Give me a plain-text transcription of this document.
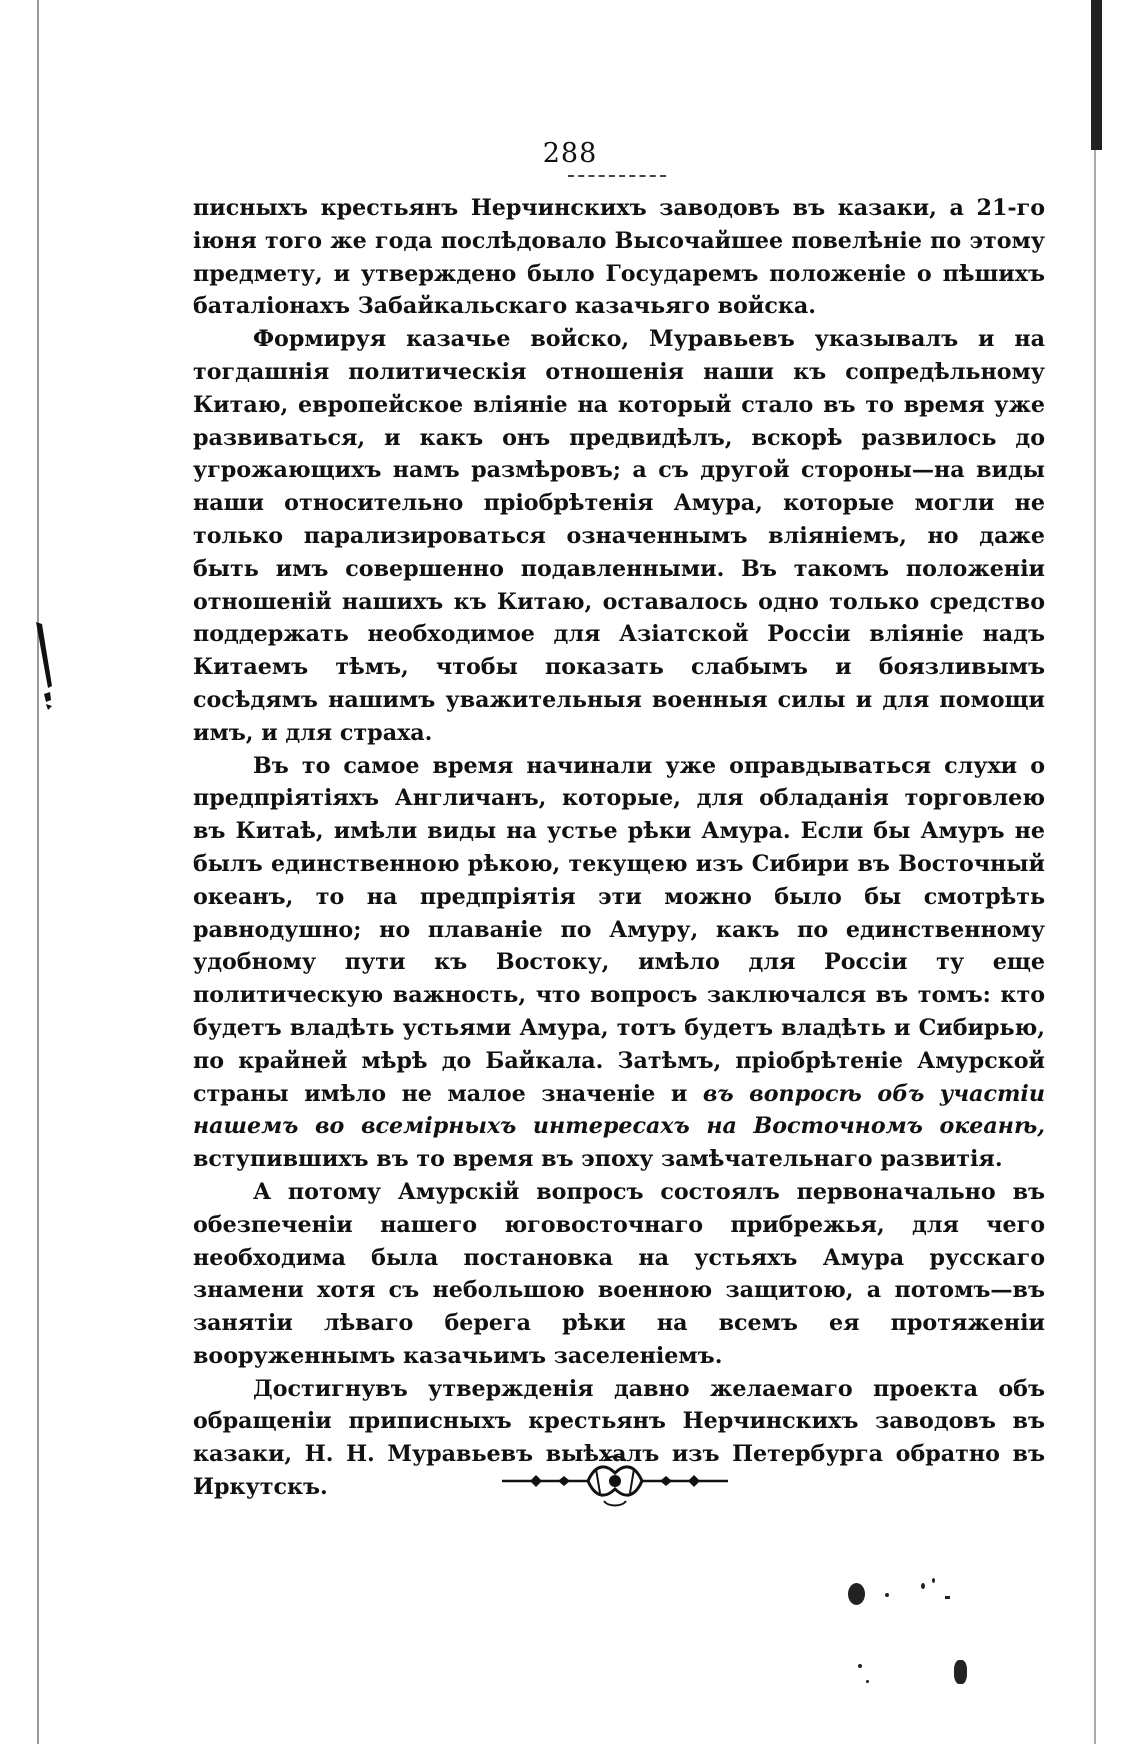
288

писныхъ крестьянъ Нерчинскихъ заводовъ въ казаки, а 21-го іюня того же года послѣдовало Высочайшее повелѣніе по этому предмету, и утверждено было Государемъ положеніе о пѣшихъ баталіонахъ Забайкальскаго казачьяго войска.

Формируя казачье войско, Муравьевъ указывалъ и на тогдашнія политическія отношенія наши къ сопредѣльному Китаю, европейское вліяніе на который стало въ то время уже развиваться, и какъ онъ предвидѣлъ, вскорѣ развилось до угрожающихъ намъ размѣровъ; а съ другой стороны—на виды наши относительно пріобрѣтенія Амура, которые могли не только парализироваться означеннымъ вліяніемъ, но даже быть имъ совершенно подавленными. Въ такомъ положеніи отношеній нашихъ къ Китаю, оставалось одно только средство поддержать необходимое для Азіатской Россіи вліяніе надъ Китаемъ тѣмъ, чтобы показать слабымъ и боязливымъ сосѣдямъ нашимъ уважительныя военныя силы и для помощи имъ, и для страха.

Въ то самое время начинали уже оправдываться слухи о предпріятіяхъ Англичанъ, которые, для обладанія торговлею въ Китаѣ, имѣли виды на устье рѣки Амура. Если бы Амуръ не былъ единственною рѣкою, текущею изъ Сибири въ Восточный океанъ, то на предпріятія эти можно было бы смотрѣть равнодушно; но плаваніе по Амуру, какъ по единственному удобному пути къ Востоку, имѣло для Россіи ту еще политическую важность, что вопросъ заключался въ томъ: кто будетъ владѣть устьями Амура, тотъ будетъ владѣть и Сибирью, по крайней мѣрѣ до Байкала. Затѣмъ, пріобрѣтеніе Амурской страны имѣло не малое значеніе и въ вопросѣ объ участіи нашемъ во всемірныхъ интересахъ на Восточномъ океанѣ, вступившихъ въ то время въ эпоху замѣчательнаго развитія.

А потому Амурскій вопросъ состоялъ первоначально въ обезпеченіи нашего юговосточнаго прибрежья, для чего необходима была постановка на устьяхъ Амура русскаго знамени хотя съ небольшою военною защитою, а потомъ—въ занятіи лѣваго берега рѣки на всемъ ея протяженіи вооруженнымъ казачьимъ заселеніемъ.

Достигнувъ утвержденія давно желаемаго проекта объ обращеніи приписныхъ крестьянъ Нерчинскихъ заводовъ въ казаки, Н. Н. Муравьевъ выѣхалъ изъ Петербурга обратно въ Иркутскъ.
